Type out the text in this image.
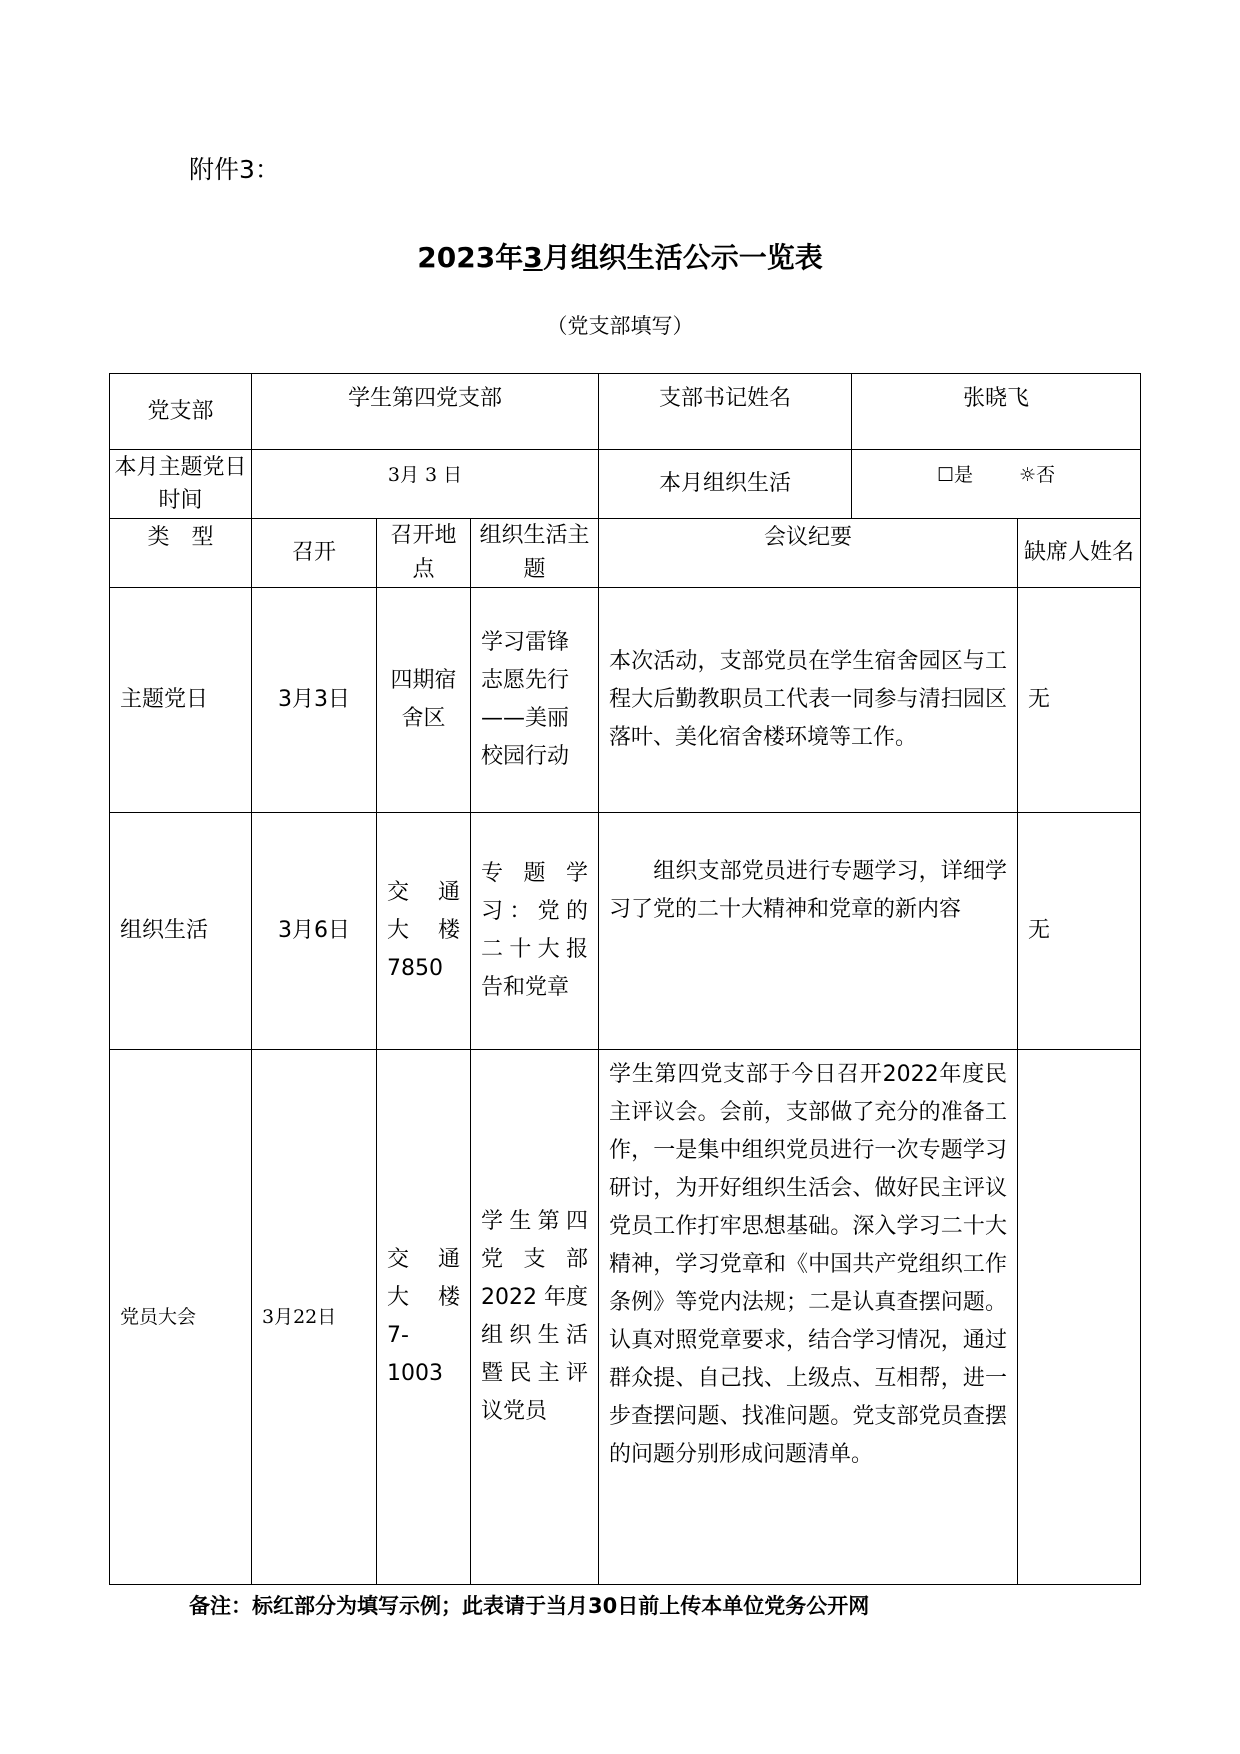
附件3：
2023年3月组织生活公示一览表
（党支部填写）
党支部	学生第四党支部			支部书记姓名	张晓飞	
本月主题党日时间	3月 3 日			本月组织生活	☐是 ☼否	
类　型	召开	召开地点	组织生活主题	会议纪要		缺席人姓名
主题党日	3月3日	四期宿舍区	学习雷锋志愿先行——美丽校园行动	本次活动，支部党员在学生宿舍园区与工程大后勤教职员工代表一同参与清扫园区落叶、美化宿舍楼环境等工作。		无
组织生活	3月6日	交 通 大 楼 7850	专 题 学 习：党的二十大报告和党章	　　组织支部党员进行专题学习，详细学习了党的二十大精神和党章的新内容		无
党员大会	3月22日	交 通 大 楼 7-1003	学生第四党 支 部 2022 年度组织生活暨民主评议党员	学生第四党支部于今日召开2022年度民主评议会。会前，支部做了充分的准备工作，一是集中组织党员进行一次专题学习研讨，为开好组织生活会、做好民主评议党员工作打牢思想基础。深入学习二十大精神，学习党章和《中国共产党组织工作条例》等党内法规；二是认真查摆问题。认真对照党章要求，结合学习情况，通过群众提、自己找、上级点、互相帮，进一步查摆问题、找准问题。党支部党员查摆的问题分别形成问题清单。		
备注：标红部分为填写示例；此表请于当月30日前上传本单位党务公开网
